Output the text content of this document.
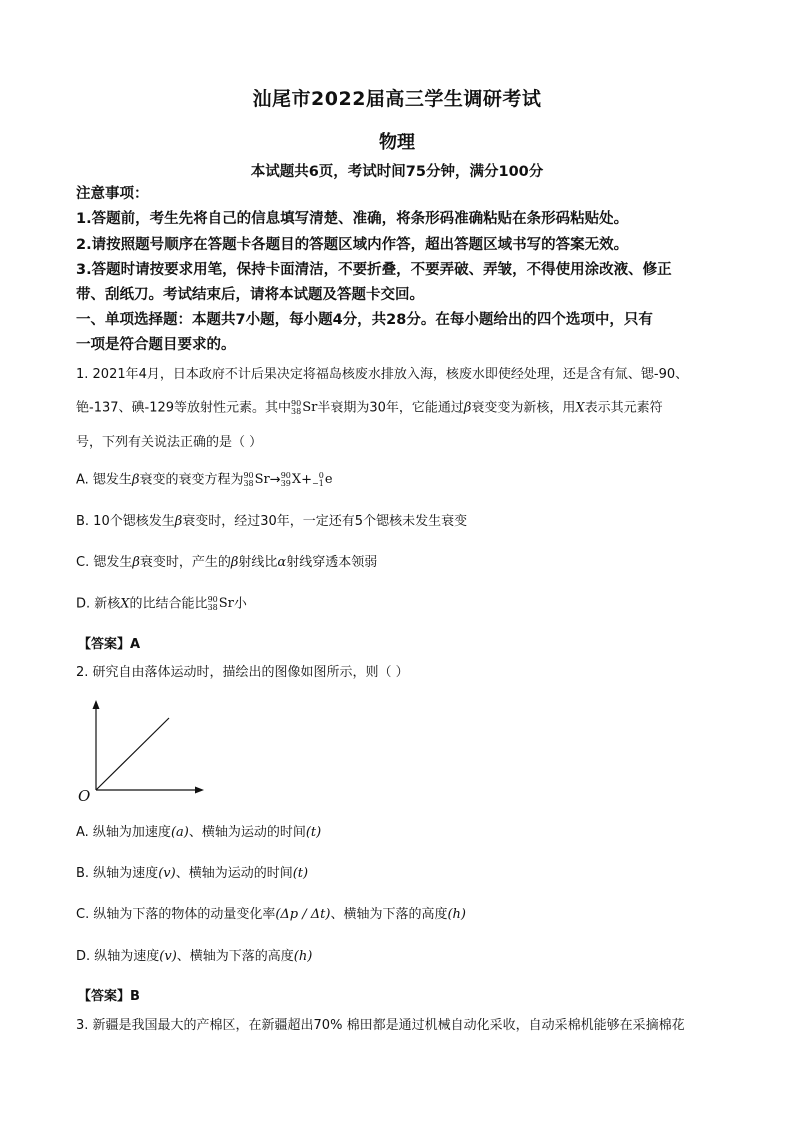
汕尾市2022届高三学生调研考试
物理
本试题共6页，考试时间75分钟，满分100分
注意事项：
1.答题前，考生先将自己的信息填写清楚、准确，将条形码准确粘贴在条形码粘贴处。
2.请按照题号顺序在答题卡各题目的答题区域内作答，超出答题区域书写的答案无效。
3.答题时请按要求用笔，保持卡面清洁，不要折叠，不要弄破、弄皱，不得使用涂改液、修正
带、刮纸刀。考试结束后，请将本试题及答题卡交回。
一、单项选择题：本题共7小题，每小题4分，共28分。在每小题给出的四个选项中，只有
一项是符合题目要求的。
1. 2021年4月，日本政府不计后果决定将福岛核废水排放入海，核废水即使经处理，还是含有氚、锶-90、
铯-137、碘-129等放射性元素。其中 90
38 Sr 半衰期为30年，它能通过β衰变变为新核，用X表示其元素符
号，下列有关说法正确的是（ ）
A. 锶发生β衰变的衰变方程为 90
38 Sr → 90
39 X + 0
−1 e
B. 10个锶核发生β衰变时，经过30年，一定还有5个锶核未发生衰变
C. 锶发生β衰变时，产生的β射线比α射线穿透本领弱
D. 新核X的比结合能比 90
38 Sr 小
【答案】A
2. 研究自由落体运动时，描绘出的图像如图所示，则（ ）
O
A. 纵轴为加速度(a)、横轴为运动的时间(t)
B. 纵轴为速度(v)、横轴为运动的时间(t)
C. 纵轴为下落的物体的动量变化率(Δp / Δt)、横轴为下落的高度(h)
D. 纵轴为速度(v)、横轴为下落的高度(h)
【答案】B
3. 新疆是我国最大的产棉区，在新疆超出70% 棉田都是通过机械自动化采收，自动采棉机能够在采摘棉花
